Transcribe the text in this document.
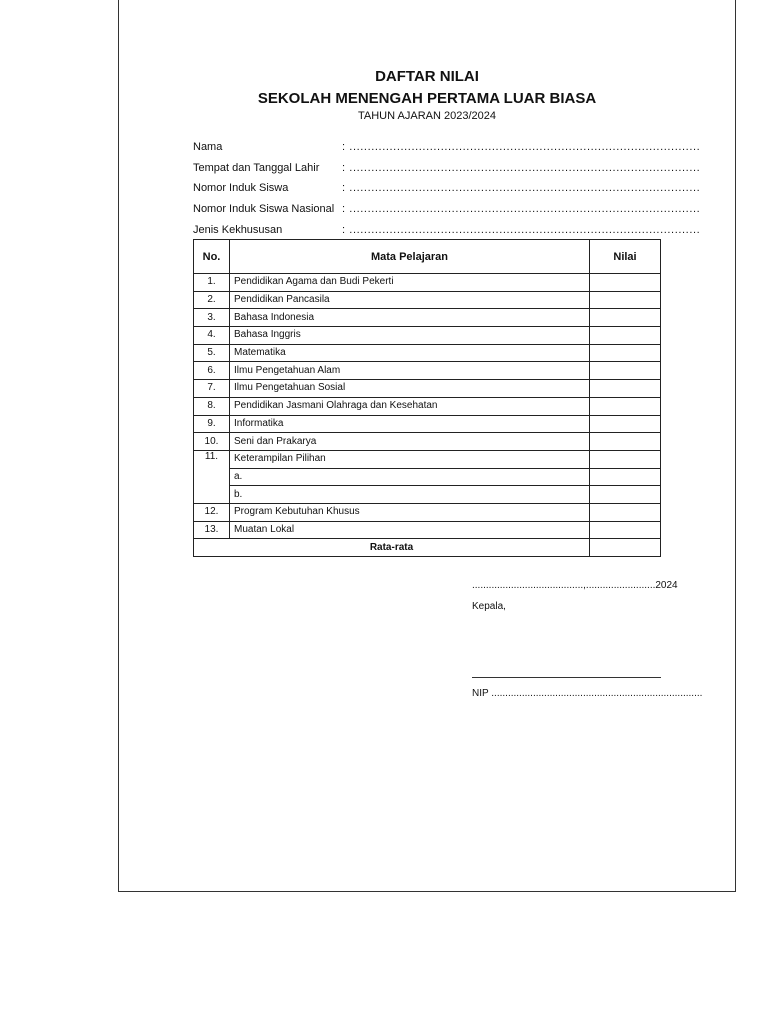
DAFTAR NILAI
SEKOLAH MENENGAH PERTAMA LUAR BIASA
TAHUN AJARAN 2023/2024
Nama	: ................................................................................................
Tempat dan Tanggal Lahir : ................................................................................................
Nomor Induk Siswa	: ................................................................................................
Nomor Induk Siswa Nasional : ................................................................................................
Jenis Kekhususan	: ................................................................................................
No.	Mata Pelajaran	Nilai
1.	Pendidikan Agama dan Budi Pekerti	
2.	Pendidikan Pancasila	
3.	Bahasa Indonesia	
4.	Bahasa Inggris	
5.	Matematika	
6.	Ilmu Pengetahuan Alam	
7.	Ilmu Pengetahuan Sosial	
8.	Pendidikan Jasmani Olahraga dan Kesehatan	
9.	Informatika	
10.	Seni dan Prakarya	
11.	Keterampilan Pilihan	
	a.	
	b.	
12.	Program Kebutuhan Khusus	
13.	Muatan Lokal	
Rata-rata		
........................................,.........................2024
Kepala,
NIP ............................................................................
